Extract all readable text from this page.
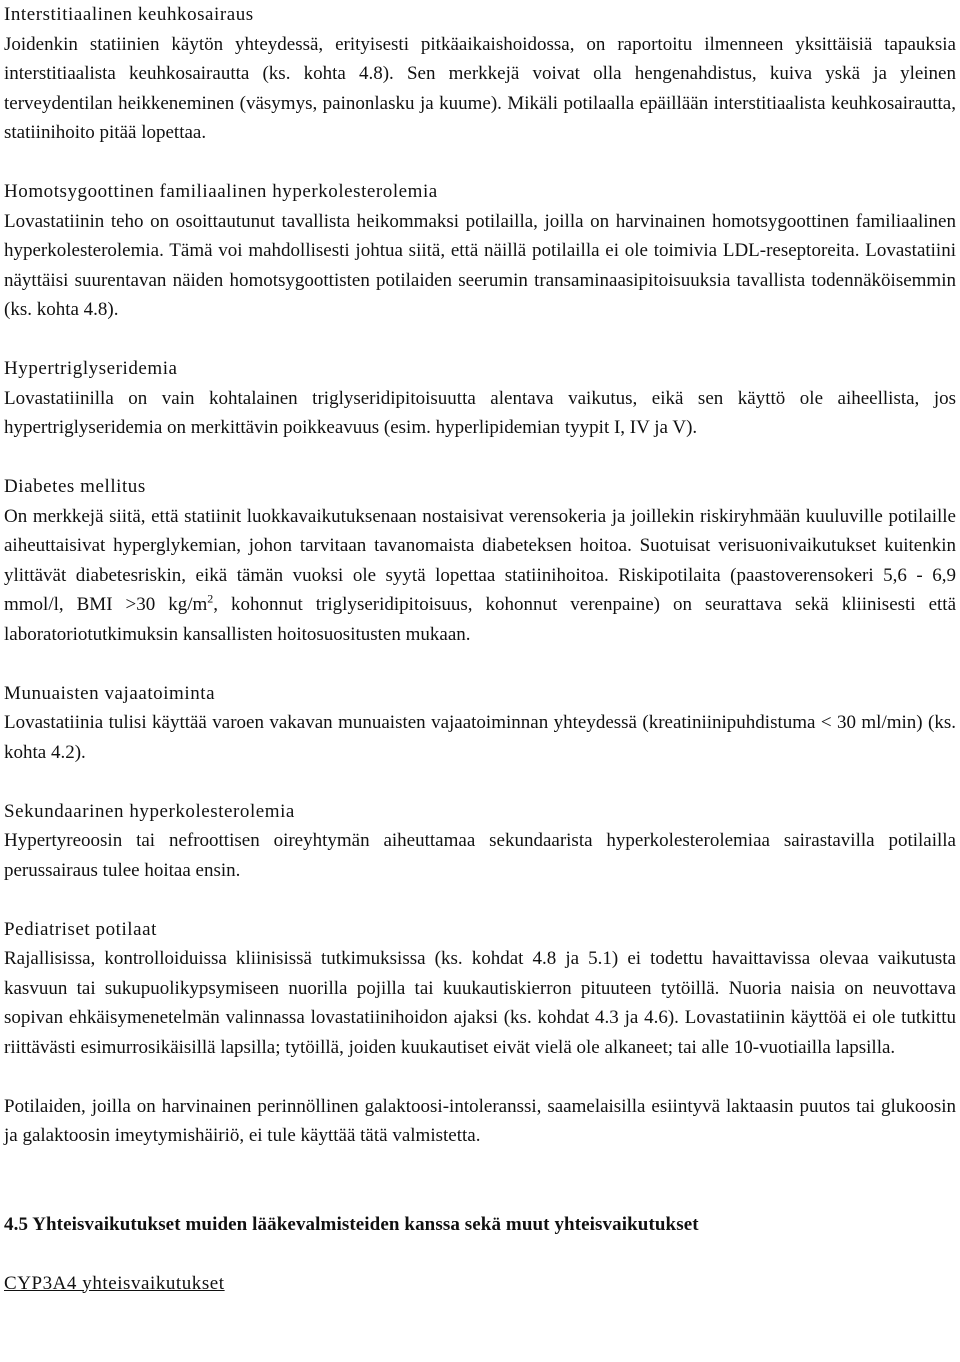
Interstitiaalinen keuhkosairaus

Joidenkin statiinien käytön yhteydessä, erityisesti pitkäaikaishoidossa, on raportoitu ilmenneen yksittäisiä tapauksia interstitiaalista keuhkosairautta (ks. kohta 4.8). Sen merkkejä voivat olla hengenahdistus, kuiva yskä ja yleinen terveydentilan heikkeneminen (väsymys, painonlasku ja kuume). Mikäli potilaalla epäillään interstitiaalista keuhkosairautta, statiinihoito pitää lopettaa.

Homotsygoottinen familiaalinen hyperkolesterolemia

Lovastatiinin teho on osoittautunut tavallista heikommaksi potilailla, joilla on harvinainen homotsygoottinen familiaalinen hyperkolesterolemia. Tämä voi mahdollisesti johtua siitä, että näillä potilailla ei ole toimivia LDL-reseptoreita. Lovastatiini näyttäisi suurentavan näiden homotsygoottisten potilaiden seerumin transaminaasipitoisuuksia tavallista todennäköisemmin (ks. kohta 4.8).

Hypertriglyseridemia

Lovastatiinilla on vain kohtalainen triglyseridipitoisuutta alentava vaikutus, eikä sen käyttö ole aiheellista, jos hypertriglyseridemia on merkittävin poikkeavuus (esim. hyperlipidemian tyypit I, IV ja V).

Diabetes mellitus

On merkkejä siitä, että statiinit luokkavaikutuksenaan nostaisivat verensokeria ja joillekin riskiryhmään kuuluville potilaille aiheuttaisivat hyperglykemian, johon tarvitaan tavanomaista diabeteksen hoitoa. Suotuisat verisuonivaikutukset kuitenkin ylittävät diabetesriskin, eikä tämän vuoksi ole syytä lopettaa statiinihoitoa. Riskipotilaita (paastoverensokeri 5,6 - 6,9 mmol/l, BMI >30 $kg/m^2$, kohonnut triglyseridipitoisuus, kohonnut verenpaine) on seurattava sekä kliinisesti että laboratoriotutkimuksin kansallisten hoitosuositusten mukaan.

Munuaisten vajaatoiminta

Lovastatiinia tulisi käyttää varoen vakavan munuaisten vajaatoiminnan yhteydessä (kreatiniinipuhdistuma < 30 ml/min) (ks. kohta 4.2).

Sekundaarinen hyperkolesterolemia

Hypertyreoosin tai nefroottisen oireyhtymän aiheuttamaa sekundaarista hyperkolesterolemiaa sairastavilla potilailla perussairaus tulee hoitaa ensin.

Pediatriset potilaat

Rajallisissa, kontrolloiduissa kliinisissä tutkimuksissa (ks. kohdat 4.8 ja 5.1) ei todettu havaittavissa olevaa vaikutusta kasvuun tai sukupuolikypsymiseen nuorilla pojilla tai kuukautiskierron pituuteen tytöillä. Nuoria naisia on neuvottava sopivan ehkäisymenetelmän valinnassa lovastatiinihoidon ajaksi (ks. kohdat 4.3 ja 4.6). Lovastatiinin käyttöä ei ole tutkittu riittävästi esimurrosikäisillä lapsilla; tytöillä, joiden kuukautiset eivät vielä ole alkaneet; tai alle 10-vuotiailla lapsilla.

Potilaiden, joilla on harvinainen perinnöllinen galaktoosi-intoleranssi, saamelaisilla esiintyvä laktaasin puutos tai glukoosin ja galaktoosin imeytymishäiriö, ei tule käyttää tätä valmistetta.

4.5 Yhteisvaikutukset muiden lääkevalmisteiden kanssa sekä muut yhteisvaikutukset

CYP3A4 yhteisvaikutukset
